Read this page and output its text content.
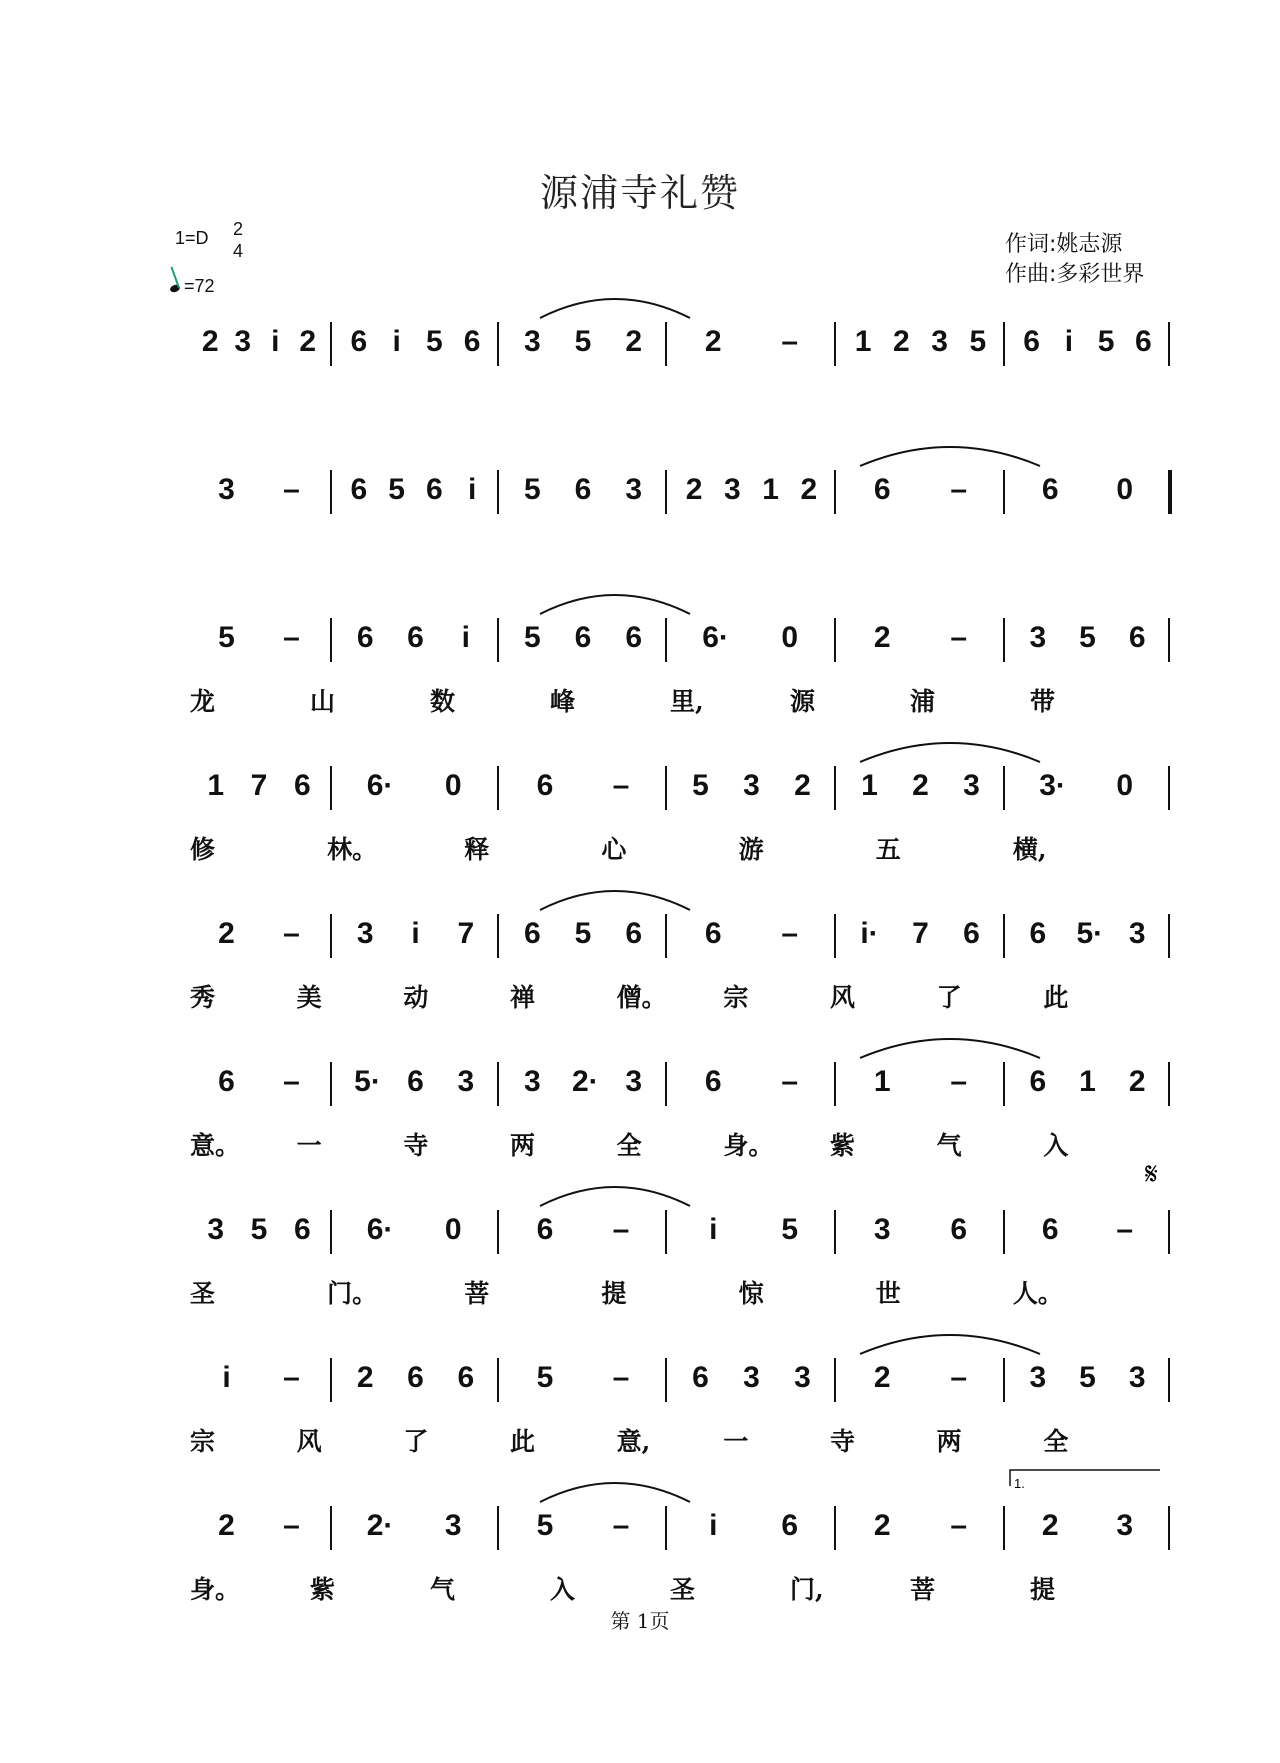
源浦寺礼赞
1=D 2
4
=72
作词:姚志源
作曲:多彩世界
2 3 i 2 6 i 5 6 3 5 2 2 – 1 2 3 5 6 i 5 6
3 – 6 5 6 i 5 6 3 2 3 1 2 6 – 6 0
5 – 6 6 i 5 6 6 6· 0	2 – 3 5 6
龙	山	数	峰	里,	源	浦	带
1 7 6 6· 0	6 – 5 3 2 1 2 3 3· 0
修	林。	释	心	游	五	横,
2 – 3 i 7 6 5 6 6 – i· 7 6 6 5· 3
秀	美	动	禅	僧。 宗	风	了	此
6 – 5· 6 3 3 2· 3 6 –	1 – 6 1 2
意。 一	寺	两	全	身。 紫	气	入
3 5 6 6· 0	6 –	i 5	3 6 6 –
圣	门。	菩	提	惊	世	人。
i – 2 6 6 5 – 6 3 3 2 – 3 5 3
宗	风	了	此	意,	一	寺	两	全
2 – 2· 3	5 –	i 6	2 – 2 3
身。	紫	气	入	圣	门,	菩	提
1.
𝄋
第 1页
